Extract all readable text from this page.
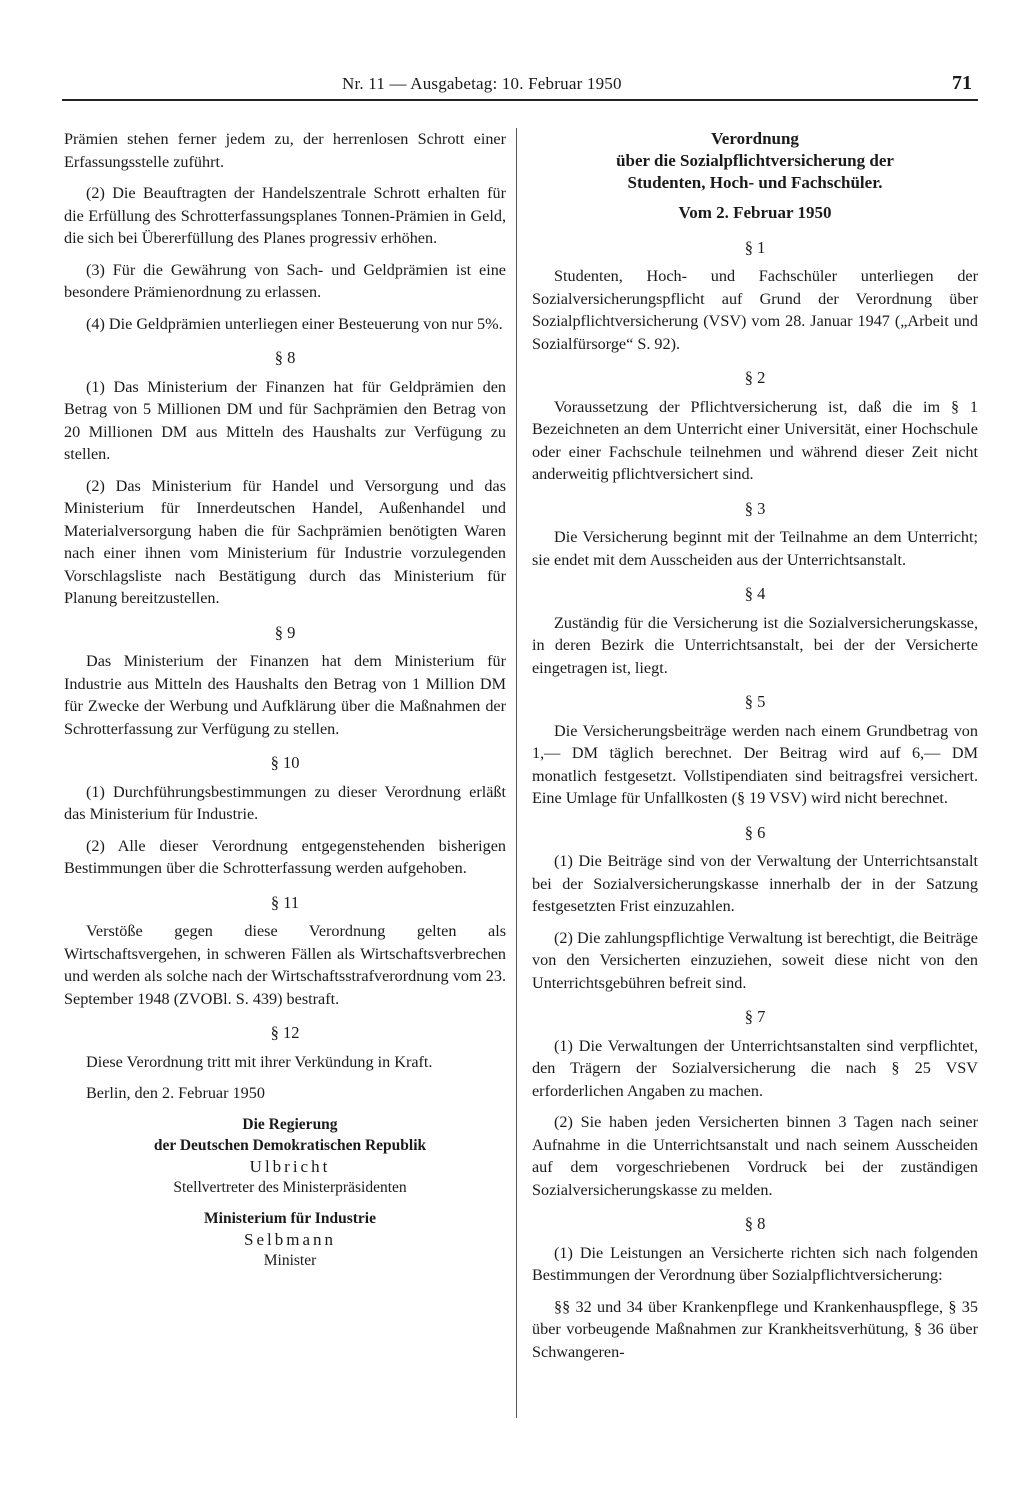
Nr. 11 — Ausgabetag: 10. Februar 1950	71

Prämien stehen ferner jedem zu, der herrenlosen Schrott einer Erfassungsstelle zuführt.

(2) Die Beauftragten der Handelszentrale Schrott erhalten für die Erfüllung des Schrotterfassungsplanes Tonnen-Prämien in Geld, die sich bei Übererfüllung des Planes progressiv erhöhen.

(3) Für die Gewährung von Sach- und Geldprämien ist eine besondere Prämienordnung zu erlassen.

(4) Die Geldprämien unterliegen einer Besteuerung von nur 5%.

§ 8

(1) Das Ministerium der Finanzen hat für Geldprämien den Betrag von 5 Millionen DM und für Sachprämien den Betrag von 20 Millionen DM aus Mitteln des Haushalts zur Verfügung zu stellen.

(2) Das Ministerium für Handel und Versorgung und das Ministerium für Innerdeutschen Handel, Außenhandel und Materialversorgung haben die für Sachprämien benötigten Waren nach einer ihnen vom Ministerium für Industrie vorzulegenden Vorschlagsliste nach Bestätigung durch das Ministerium für Planung bereitzustellen.

§ 9

Das Ministerium der Finanzen hat dem Ministerium für Industrie aus Mitteln des Haushalts den Betrag von 1 Million DM für Zwecke der Werbung und Aufklärung über die Maßnahmen der Schrotterfassung zur Verfügung zu stellen.

§ 10

(1) Durchführungsbestimmungen zu dieser Verordnung erläßt das Ministerium für Industrie.

(2) Alle dieser Verordnung entgegenstehenden bisherigen Bestimmungen über die Schrotterfassung werden aufgehoben.

§ 11

Verstöße gegen diese Verordnung gelten als Wirtschaftsvergehen, in schweren Fällen als Wirtschaftsverbrechen und werden als solche nach der Wirtschaftsstrafverordnung vom 23. September 1948 (ZVOBl. S. 439) bestraft.

§ 12

Diese Verordnung tritt mit ihrer Verkündung in Kraft.

Berlin, den 2. Februar 1950

Die Regierung
der Deutschen Demokratischen Republik
Ulbricht
Stellvertreter des Ministerpräsidenten
Ministerium für Industrie
Selbmann
Minister
Verordnung
über die Sozialpflichtversicherung der
Studenten, Hoch- und Fachschüler.
Vom 2. Februar 1950
§ 1

Studenten, Hoch- und Fachschüler unterliegen der Sozialversicherungspflicht auf Grund der Verordnung über Sozialpflichtversicherung (VSV) vom 28. Januar 1947 („Arbeit und Sozialfürsorge“ S. 92).

§ 2

Voraussetzung der Pflichtversicherung ist, daß die im § 1 Bezeichneten an dem Unterricht einer Universität, einer Hochschule oder einer Fachschule teilnehmen und während dieser Zeit nicht anderweitig pflichtversichert sind.

§ 3

Die Versicherung beginnt mit der Teilnahme an dem Unterricht; sie endet mit dem Ausscheiden aus der Unterrichtsanstalt.

§ 4

Zuständig für die Versicherung ist die Sozialversicherungskasse, in deren Bezirk die Unterrichtsanstalt, bei der der Versicherte eingetragen ist, liegt.

§ 5

Die Versicherungsbeiträge werden nach einem Grundbetrag von 1,— DM täglich berechnet. Der Beitrag wird auf 6,— DM monatlich festgesetzt. Vollstipendiaten sind beitragsfrei versichert. Eine Umlage für Unfallkosten (§ 19 VSV) wird nicht berechnet.

§ 6

(1) Die Beiträge sind von der Verwaltung der Unterrichtsanstalt bei der Sozialversicherungskasse innerhalb der in der Satzung festgesetzten Frist einzuzahlen.

(2) Die zahlungspflichtige Verwaltung ist berechtigt, die Beiträge von den Versicherten einzuziehen, soweit diese nicht von den Unterrichtsgebühren befreit sind.

§ 7

(1) Die Verwaltungen der Unterrichtsanstalten sind verpflichtet, den Trägern der Sozialversicherung die nach § 25 VSV erforderlichen Angaben zu machen.

(2) Sie haben jeden Versicherten binnen 3 Tagen nach seiner Aufnahme in die Unterrichtsanstalt und nach seinem Ausscheiden auf dem vorgeschriebenen Vordruck bei der zuständigen Sozialversicherungskasse zu melden.

§ 8

(1) Die Leistungen an Versicherte richten sich nach folgenden Bestimmungen der Verordnung über Sozialpflichtversicherung:

§§ 32 und 34 über Krankenpflege und Krankenhauspflege, § 35 über vorbeugende Maßnahmen zur Krankheitsverhütung, § 36 über Schwangeren-
